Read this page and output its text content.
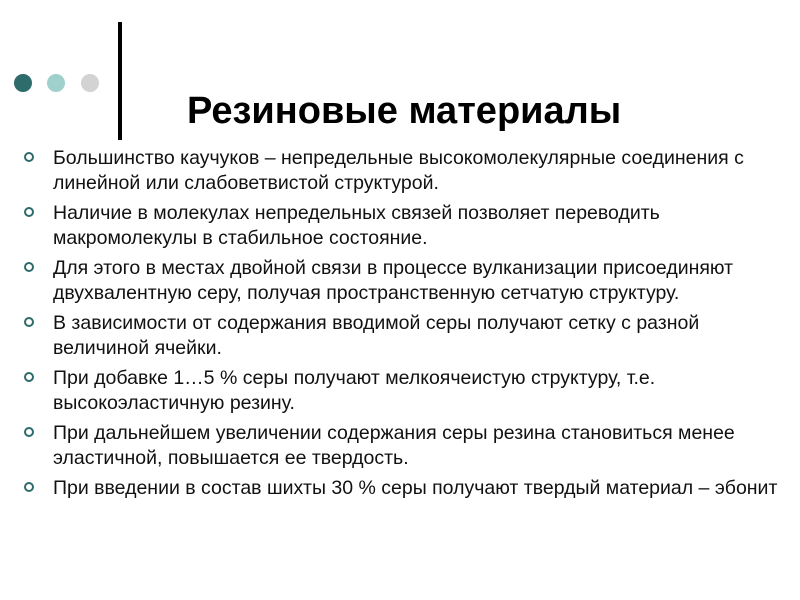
Резиновые материалы
Большинство каучуков – непредельные высокомолекулярные соединения с линейной или слабоветвистой структурой.
Наличие в молекулах непредельных связей позволяет переводить макромолекулы в стабильное состояние.
Для этого в местах двойной связи в процессе вулканизации присоединяют двухвалентную серу, получая пространственную сетчатую структуру.
В зависимости от содержания вводимой серы получают сетку с разной величиной ячейки.
При добавке 1…5 % серы получают мелкоячеистую структуру, т.е. высокоэластичную резину.
При дальнейшем увеличении содержания серы резина становиться менее эластичной, повышается ее твердость.
При введении в состав шихты 30 % серы получают твердый материал – эбонит
